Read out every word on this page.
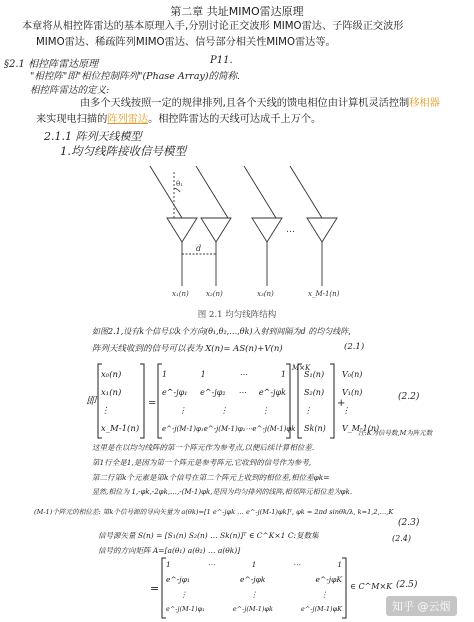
第二章 共址MIMO雷达原理
本章将从相控阵雷达的基本原理入手,分别讨论正交波形 MIMO雷达、子阵级正交波形
MIMO雷达、稀疏阵列MIMO雷达、信号部分相关性MIMO雷达等。
§2.1 相控阵雷达原理	P11.
"相控阵"即"相位控制阵列"(Phase Array)的简称.
相控阵雷达的定义:
由多个天线按照一定的规律排列,且各个天线的馈电相位由计算机灵活控制移相器
来实现电扫描的阵列雷达。相控阵雷达的天线可达成千上万个。
2.1.1 阵列天线模型
1.均匀线阵接收信号模型
θ₁
d
…
x₁(n) x₂(n)	x₃(n)	x_M-1(n)
图 2.1 均匀线阵结构
如图2.1,设有k个信号以k个方向(θ₁,θ₂,…,θk)入射到间隔为d 的均匀线阵,
阵列天线收到的信号可以表为 X(n)= AS(n)+V(n)	(2.1)
即	=	+
x₀(n)
x₁(n)
⋮
x_M-1(n)
1	1	⋯	1
e^-jφ₁ e^-jφ₂ ⋯ e^-jφk
⋮	⋮	⋮
e^-j(M-1)φ₁ e^-j(M-1)φ₂ ⋯ e^-j(M-1)φk
M×K
S₁(n)
S₂(n)
⋮
Sk(n)
V₀(n)
V₁(n)
⋮
V_M-1(n)
(2.2)
注:K为信号数,M为阵元数
这里是在以均匀线阵的第一个阵元作为参考点,以便后续计算相位差.
第1行全是1,是因为第一个阵元是参考阵元,它收到的信号作为参考,
第二行第k个元素是第k个信号在第二个阵元上收到的相位差,相位差φk=
显然,相位为 1,-φk,-2φk,…,-(M-1)φk,是因为均匀排列的线阵,相邻阵元相位差为φk.
(M-1)个阵元的相位差: 第k个信号源的导向矢量为 a(θk)=[1 e^-jφk … e^-j(M-1)φk]ᵀ, φk = 2πd sinθk/λ, k=1,2,…,K
(2.3)
信号源矢量 S(n) = [S₁(n) S₂(n) … Sk(n)]ᵀ ∈ C^K×1 C:复数集	(2.4)
信号的方向矩阵 A=[a(θ₁) a(θ₂) … a(θk)]
=
1	⋯	1	⋯	1
e^-jφ₁	e^-jφk	e^-jφK
⋮	⋮	⋮
e^-j(M-1)φ₁	e^-j(M-1)φk	e^-j(M-1)φK
∈ C^M×K (2.5)
知乎 @云烟
